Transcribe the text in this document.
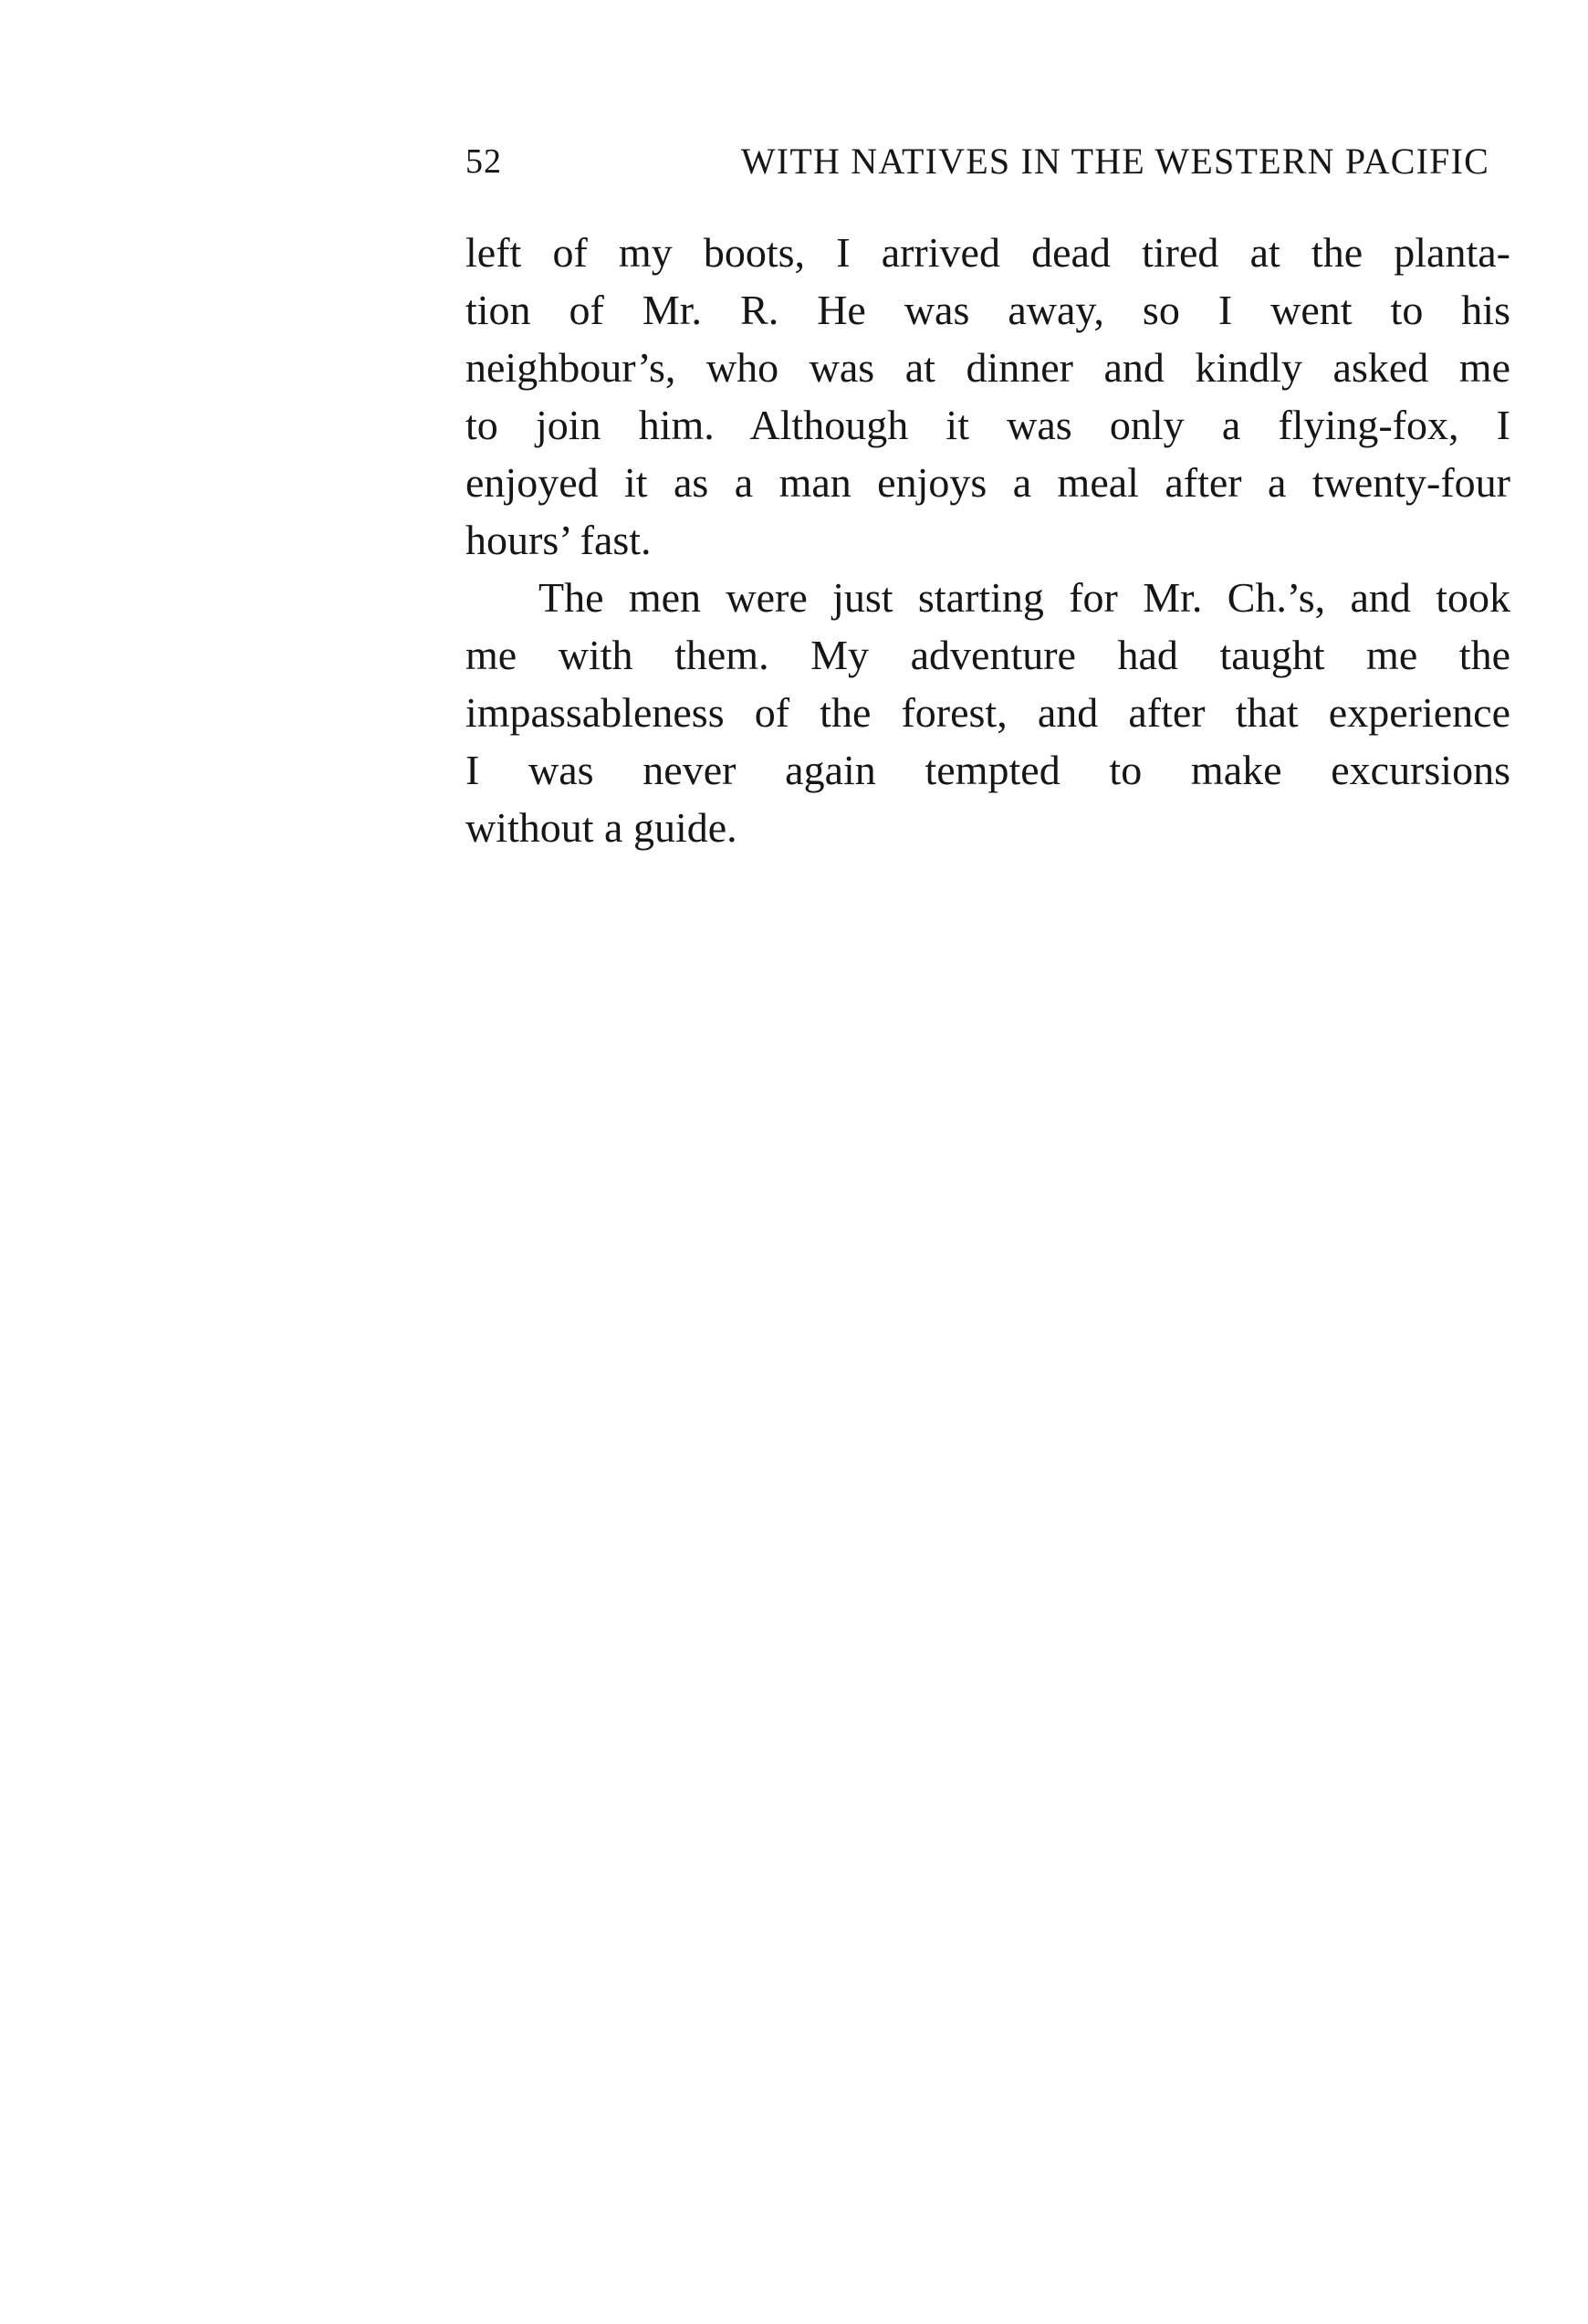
52	WITH NATIVES IN THE WESTERN PACIFIC
left of my boots, I arrived dead tired at the planta-
tion of Mr. R. He was away, so I went to his
neighbour’s, who was at dinner and kindly asked me
to join him. Although it was only a flying-fox, I
enjoyed it as a man enjoys a meal after a twenty-four
hours’ fast.
The men were just starting for Mr. Ch.’s, and took
me with them. My adventure had taught me the
impassableness of the forest, and after that experience
I was never again tempted to make excursions
without a guide.
